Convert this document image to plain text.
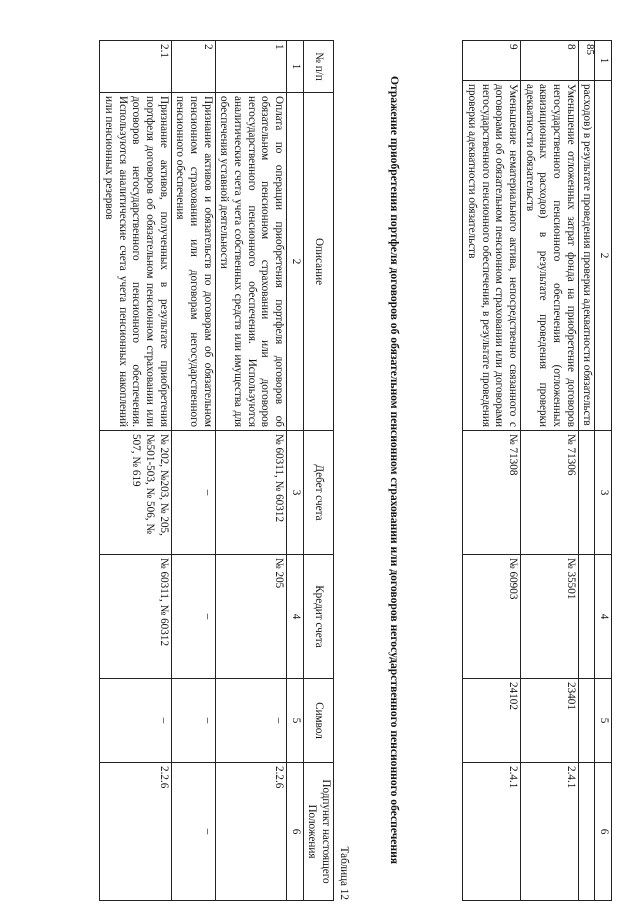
85
1	2	3	4	5	6
	расходов) в результате проведения проверки адекватности обязательств				
8	Уменьшение отложенных затрат фонда на приобретение договоров негосударственного пенсионного обеспечения (отложенных аквизиционных расходов) в результате проведения проверки адекватности обязательств	№ 71306	№ 35501	23401	2.4.1
9	Уменьшение нематериального актива, непосредственно связанного с договорами об обязательном пенсионном страховании или договорами негосударственного пенсионного обеспечения, в результате проведения проверки адекватности обязательств	№ 71308	№ 60903	24102	2.4.1
Отражение приобретения портфеля договоров об обязательном пенсионном страховании или договоров негосударственного пенсионного обеспечения
Таблица 12
№ п/п	Описание	Дебет счета	Кредит счета	Символ	Подпункт настоящего Положения
1	2	3	4	5	6
1	Оплата по операции приобретения портфеля договоров об обязательном пенсионном страховании или договоров негосударственного пенсионного обеспечения. Используются аналитические счета учета собственных средств или имущества для обеспечения уставной деятельности	№ 60311, № 60312	№ 205	–	2.2.6
2	Признание активов и обязательств по договорам об обязательном пенсионном страховании или договорам негосударственного пенсионного обеспечения	–	–	–	–
2.1	Признание активов, полученных в результате приобретения портфеля договоров об обязательном пенсионном страховании или договоров негосударственного пенсионного обеспечения. Используются аналитические счета учета пенсионных накоплений или пенсионных резервов	№ 202, №203, № 205, №501-503, № 506, № 507, № 619	№ 60311, № 60312	–	2.2.6
